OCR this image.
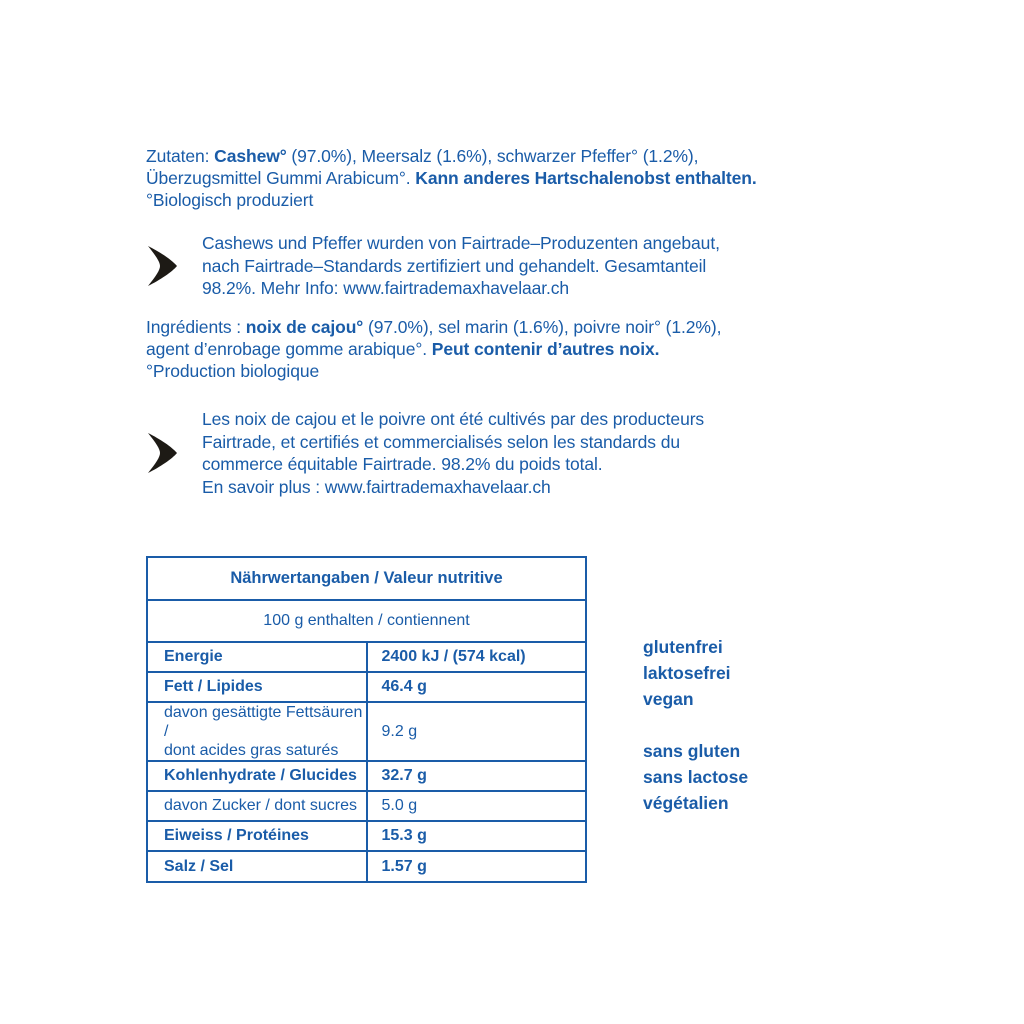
Zutaten: Cashew° (97.0%), Meersalz (1.6%), schwarzer Pfeffer° (1.2%),
Überzugsmittel Gummi Arabicum°. Kann anderes Hartschalenobst enthalten.
°Biologisch produziert
Cashews und Pfeffer wurden von Fairtrade–Produzenten angebaut,
nach Fairtrade–Standards zertifiziert und gehandelt. Gesamtanteil
98.2%. Mehr Info: www.fairtrademaxhavelaar.ch
Ingrédients : noix de cajou° (97.0%), sel marin (1.6%), poivre noir° (1.2%),
agent d’enrobage gomme arabique°. Peut contenir d’autres noix.
°Production biologique
Les noix de cajou et le poivre ont été cultivés par des producteurs
Fairtrade, et certifiés et commercialisés selon les standards du
commerce équitable Fairtrade. 98.2% du poids total.
En savoir plus : www.fairtrademaxhavelaar.ch
Nährwertangaben / Valeur nutritive	
100 g enthalten / contiennent	
Energie	2400 kJ / (574 kcal)
Fett / Lipides	46.4 g

davon gesättigte Fettsäuren /
dont acides gras saturés	9.2 g
Kohlenhydrate / Glucides	32.7 g
davon Zucker / dont sucres	5.0 g
Eiweiss / Protéines	15.3 g
Salz / Sel	1.57 g
glutenfrei
laktosefrei
vegan
sans gluten
sans lactose
végétalien
